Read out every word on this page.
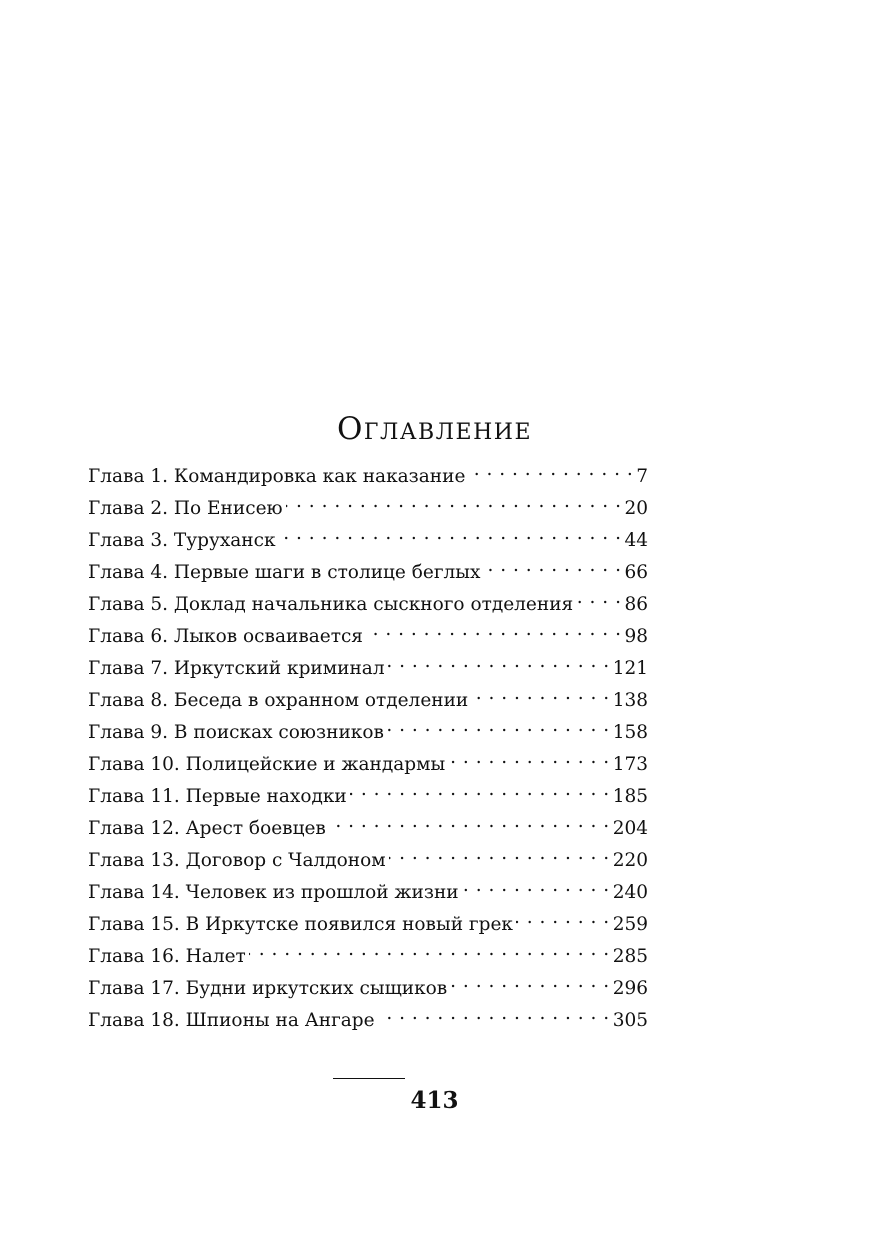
Оглавление
Глава 1. Командировка как наказание . . .	7
Глава 2. По Енисею . . .	20
Глава 3. Туруханск . . .	44
Глава 4. Первые шаги в столице беглых . . .	66
Глава 5. Доклад начальника сыскного отделения . . .	86
Глава 6. Лыков осваивается . . .	98
Глава 7. Иркутский криминал . . .	121
Глава 8. Беседа в охранном отделении . . .	138
Глава 9. В поисках союзников . . .	158
Глава 10. Полицейские и жандармы . . .	173
Глава 11. Первые находки . . .	185
Глава 12. Арест боевцев . . .	204
Глава 13. Договор с Чалдоном . . .	220
Глава 14. Человек из прошлой жизни . . .	240
Глава 15. В Иркутске появился новый грек . . .	259
Глава 16. Налет . . .	285
Глава 17. Будни иркутских сыщиков . . .	296
Глава 18. Шпионы на Ангаре . . .	305
413
